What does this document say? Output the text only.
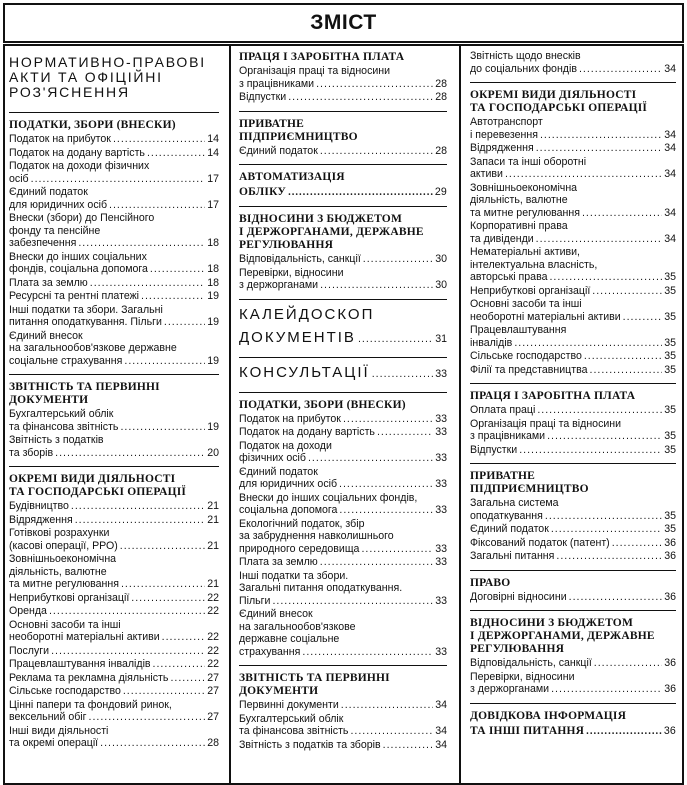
ЗМІСТ
НОРМАТИВНО-ПРАВОВІ
АКТИ ТА ОФІЦІЙНІ
РОЗ'ЯСНЕННЯ
ПОДАТКИ, ЗБОРИ (ВНЕСКИ)
Податок на прибуток .....	14
Податок на додану вартість .....	14
Податок на доходи фізичних
осіб .....	17
Єдиний податок
для юридичних осіб .....	17
Внески (збори) до Пенсійного
фонду та пенсійне
забезпечення .....	18
Внески до інших соціальних
фондів, соціальна допомога .....	18
Плата за землю .....	18
Ресурсні та рентні платежі .....	19
Інші податки та збори. Загальні
питання оподаткування. Пільги .....	19
Єдиний внесок
на загальнообов'язкове державне
соціальне страхування .....	19
ЗВІТНІСТЬ ТА ПЕРВИННІ
ДОКУМЕНТИ
Бухгалтерський облік
та фінансова звітність .....	19
Звітність з податків
та зборів .....	20
ОКРЕМІ ВИДИ ДІЯЛЬНОСТІ
ТА ГОСПОДАРСЬКІ ОПЕРАЦІЇ
Будівництво .....	21
Відрядження .....	21
Готівкові розрахунки
(касові операції, РРО) .....	21
Зовнішньоекономічна
діяльність, валютне
та митне регулювання .....	21
Неприбуткові організації .....	22
Оренда .....	22
Основні засоби та інші
необоротні матеріальні активи .....	22
Послуги .....	22
Працевлаштування інвалідів .....	22
Реклама та рекламна діяльність .....	27
Сільське господарство .....	27
Цінні папери та фондовий ринок,
вексельний обіг .....	27
Інші види діяльності
та окремі операції .....	28
ПРАЦЯ І ЗАРОБІТНА ПЛАТА
Організація праці та відносини
з працівниками .....	28
Відпустки .....	28
ПРИВАТНЕ
ПІДПРИЄМНИЦТВО
Єдиний податок .....	28
АВТОМАТИЗАЦІЯ
ОБЛІКУ .....	29
ВІДНОСИНИ З БЮДЖЕТОМ
І ДЕРЖОРГАНАМИ, ДЕРЖАВНЕ
РЕГУЛЮВАННЯ
Відповідальність, санкції .....	30
Перевірки, відносини
з держорганами .....	30
КАЛЕЙДОСКОП
ДОКУМЕНТІВ .....	31
КОНСУЛЬТАЦІЇ .....	33
ПОДАТКИ, ЗБОРИ (ВНЕСКИ)
Податок на прибуток .....	33
Податок на додану вартість .....	33
Податок на доходи
фізичних осіб .....	33
Єдиний податок
для юридичних осіб .....	33
Внески до інших соціальних фондів,
соціальна допомога .....	33
Екологічний податок, збір
за забруднення навколишнього
природного середовища .....	33
Плата за землю .....	33
Інші податки та збори.
Загальні питання оподаткування.
Пільги .....	33
Єдиний внесок
на загальнообов'язкове
державне соціальне
страхування .....	33
ЗВІТНІСТЬ ТА ПЕРВИННІ
ДОКУМЕНТИ
Первинні документи .....	34
Бухгалтерський облік
та фінансова звітність .....	34
Звітність з податків та зборів .....	34
Звітність щодо внесків
до соціальних фондів .....	34
ОКРЕМІ ВИДИ ДІЯЛЬНОСТІ
ТА ГОСПОДАРСЬКІ ОПЕРАЦІЇ
Автотранспорт
і перевезення .....	34
Відрядження .....	34
Запаси та інші оборотні
активи .....	34
Зовнішньоекономічна
діяльність, валютне
та митне регулювання .....	34
Корпоративні права
та дивіденди .....	34
Нематеріальні активи,
інтелектуальна власність,
авторські права .....	35
Неприбуткові організації .....	35
Основні засоби та інші
необоротні матеріальні активи .....	35
Працевлаштування
інвалідів .....	35
Сільське господарство .....	35
Філії та представництва .....	35
ПРАЦЯ І ЗАРОБІТНА ПЛАТА
Оплата праці .....	35
Організація праці та відносини
з працівниками .....	35
Відпустки .....	35
ПРИВАТНЕ
ПІДПРИЄМНИЦТВО
Загальна система
оподаткування .....	35
Єдиний податок .....	35
Фіксований податок (патент) .....	36
Загальні питання .....	36
ПРАВО
Договірні відносини .....	36
ВІДНОСИНИ З БЮДЖЕТОМ
І ДЕРЖОРГАНАМИ, ДЕРЖАВНЕ
РЕГУЛЮВАННЯ
Відповідальність, санкції .....	36
Перевірки, відносини
з держорганами .....	36
ДОВІДКОВА ІНФОРМАЦІЯ
ТА ІНШІ ПИТАННЯ .....	36
